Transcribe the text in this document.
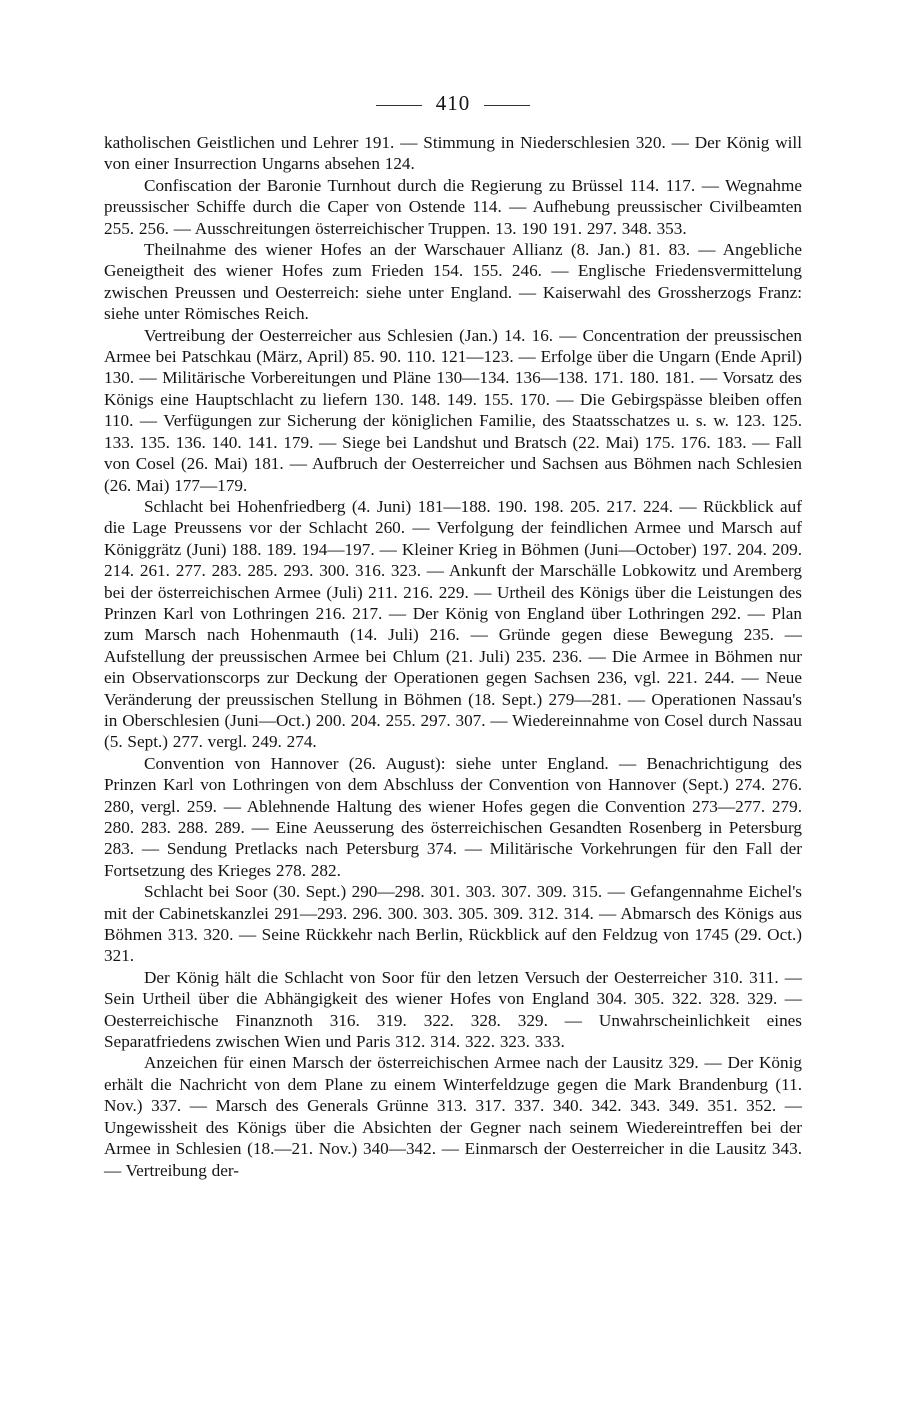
410

katholischen Geistlichen und Lehrer 191. — Stimmung in Niederschlesien 320. — Der König will von einer Insurrection Ungarns absehen 124.

Confiscation der Baronie Turnhout durch die Regierung zu Brüssel 114. 117. — Wegnahme preussischer Schiffe durch die Caper von Ostende 114. — Aufhebung preussischer Civilbeamten 255. 256. — Ausschreitungen österreichischer Truppen. 13. 190 191. 297. 348. 353.

Theilnahme des wiener Hofes an der Warschauer Allianz (8. Jan.) 81. 83. — Angebliche Geneigtheit des wiener Hofes zum Frieden 154. 155. 246. — Englische Friedensvermittelung zwischen Preussen und Oesterreich: siehe unter England. — Kaiserwahl des Grossherzogs Franz: siehe unter Römisches Reich.

Vertreibung der Oesterreicher aus Schlesien (Jan.) 14. 16. — Concentration der preussischen Armee bei Patschkau (März, April) 85. 90. 110. 121—123. — Erfolge über die Ungarn (Ende April) 130. — Militärische Vorbereitungen und Pläne 130—134. 136—138. 171. 180. 181. — Vorsatz des Königs eine Hauptschlacht zu liefern 130. 148. 149. 155. 170. — Die Gebirgspässe bleiben offen 110. — Verfügungen zur Sicherung der königlichen Familie, des Staatsschatzes u. s. w. 123. 125. 133. 135. 136. 140. 141. 179. — Siege bei Landshut und Bratsch (22. Mai) 175. 176. 183. — Fall von Cosel (26. Mai) 181. — Aufbruch der Oesterreicher und Sachsen aus Böhmen nach Schlesien (26. Mai) 177—179.

Schlacht bei Hohenfriedberg (4. Juni) 181—188. 190. 198. 205. 217. 224. — Rückblick auf die Lage Preussens vor der Schlacht 260. — Verfolgung der feindlichen Armee und Marsch auf Königgrätz (Juni) 188. 189. 194—197. — Kleiner Krieg in Böhmen (Juni—October) 197. 204. 209. 214. 261. 277. 283. 285. 293. 300. 316. 323. — Ankunft der Marschälle Lobkowitz und Aremberg bei der österreichischen Armee (Juli) 211. 216. 229. — Urtheil des Königs über die Leistungen des Prinzen Karl von Lothringen 216. 217. — Der König von England über Lothringen 292. — Plan zum Marsch nach Hohenmauth (14. Juli) 216. — Gründe gegen diese Bewegung 235. — Aufstellung der preussischen Armee bei Chlum (21. Juli) 235. 236. — Die Armee in Böhmen nur ein Observationscorps zur Deckung der Operationen gegen Sachsen 236, vgl. 221. 244. — Neue Veränderung der preussischen Stellung in Böhmen (18. Sept.) 279—281. — Operationen Nassau's in Oberschlesien (Juni—Oct.) 200. 204. 255. 297. 307. — Wiedereinnahme von Cosel durch Nassau (5. Sept.) 277. vergl. 249. 274.

Convention von Hannover (26. August): siehe unter England. — Benachrichtigung des Prinzen Karl von Lothringen von dem Abschluss der Convention von Hannover (Sept.) 274. 276. 280, vergl. 259. — Ablehnende Haltung des wiener Hofes gegen die Convention 273—277. 279. 280. 283. 288. 289. — Eine Aeusserung des österreichischen Gesandten Rosenberg in Petersburg 283. — Sendung Pretlacks nach Petersburg 374. — Militärische Vorkehrungen für den Fall der Fortsetzung des Krieges 278. 282.

Schlacht bei Soor (30. Sept.) 290—298. 301. 303. 307. 309. 315. — Gefangennahme Eichel's mit der Cabinetskanzlei 291—293. 296. 300. 303. 305. 309. 312. 314. — Abmarsch des Königs aus Böhmen 313. 320. — Seine Rückkehr nach Berlin, Rückblick auf den Feldzug von 1745 (29. Oct.) 321.

Der König hält die Schlacht von Soor für den letzen Versuch der Oesterreicher 310. 311. — Sein Urtheil über die Abhängigkeit des wiener Hofes von England 304. 305. 322. 328. 329. — Oesterreichische Finanznoth 316. 319. 322. 328. 329. — Unwahrscheinlichkeit eines Separatfriedens zwischen Wien und Paris 312. 314. 322. 323. 333.

Anzeichen für einen Marsch der österreichischen Armee nach der Lausitz 329. — Der König erhält die Nachricht von dem Plane zu einem Winterfeldzuge gegen die Mark Brandenburg (11. Nov.) 337. — Marsch des Generals Grünne 313. 317. 337. 340. 342. 343. 349. 351. 352. — Ungewissheit des Königs über die Absichten der Gegner nach seinem Wiedereintreffen bei der Armee in Schlesien (18.—21. Nov.) 340—342. — Einmarsch der Oesterreicher in die Lausitz 343. — Vertreibung der-
